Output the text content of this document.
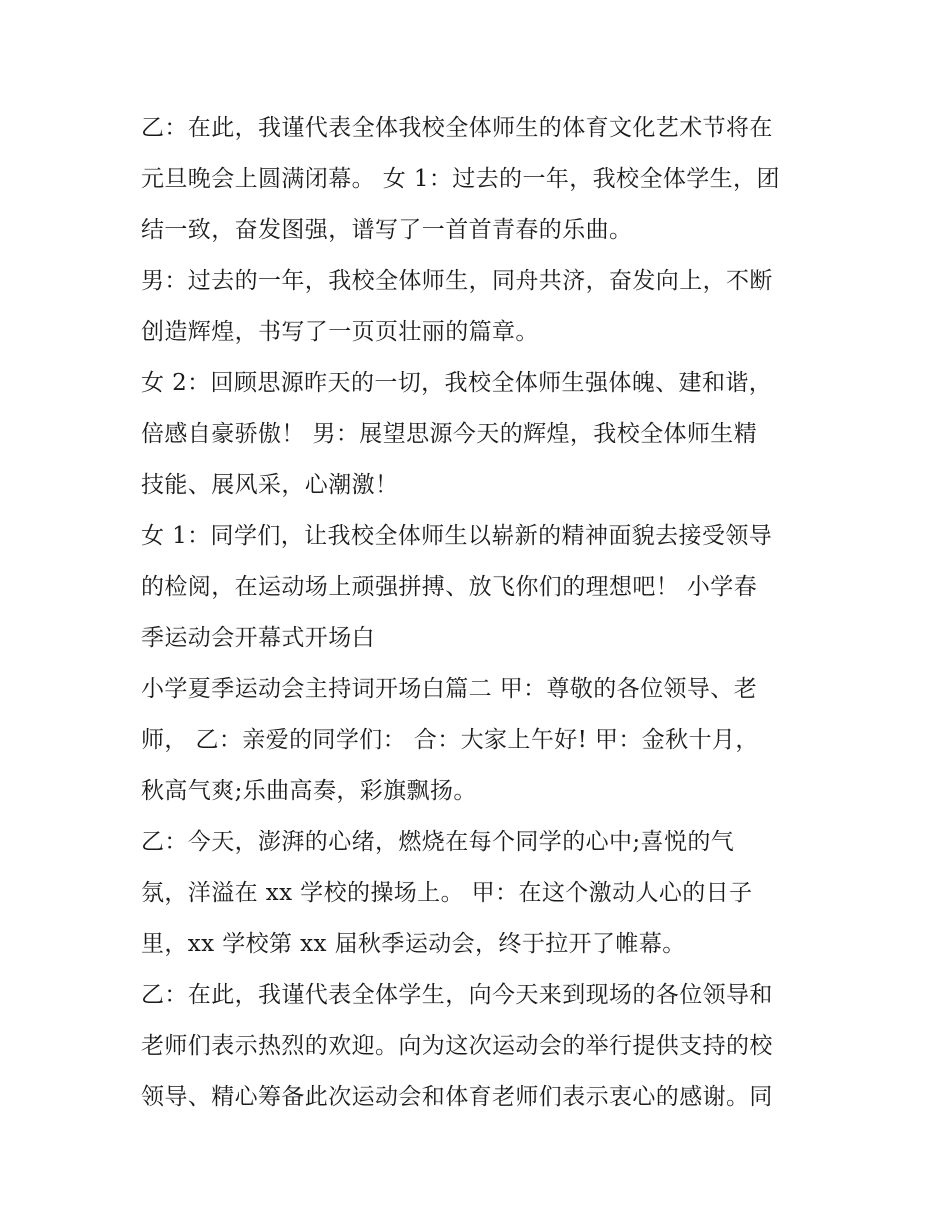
乙：在此，我谨代表全体我校全体师生的体育文化艺术节将在
元旦晚会上圆满闭幕。 女 1：过去的一年，我校全体学生，团
结一致，奋发图强，谱写了一首首青春的乐曲。
男：过去的一年，我校全体师生，同舟共济，奋发向上，不断
创造辉煌，书写了一页页壮丽的篇章。
女 2：回顾思源昨天的一切，我校全体师生强体魄、建和谐，
倍感自豪骄傲！ 男：展望思源今天的辉煌，我校全体师生精
技能、展风采，心潮激！
女 1：同学们，让我校全体师生以崭新的精神面貌去接受领导
的检阅，在运动场上顽强拼搏、放飞你们的理想吧！ 小学春
季运动会开幕式开场白
小学夏季运动会主持词开场白篇二 甲：尊敬的各位领导、老
师， 乙：亲爱的同学们： 合：大家上午好! 甲：金秋十月，
秋高气爽;乐曲高奏，彩旗飘扬。
乙：今天，澎湃的心绪，燃烧在每个同学的心中;喜悦的气
氛，洋溢在 xx 学校的操场上。 甲：在这个激动人心的日子
里，xx 学校第 xx 届秋季运动会，终于拉开了帷幕。
乙：在此，我谨代表全体学生，向今天来到现场的各位领导和
老师们表示热烈的欢迎。向为这次运动会的举行提供支持的校
领导、精心筹备此次运动会和体育老师们表示衷心的感谢。同
